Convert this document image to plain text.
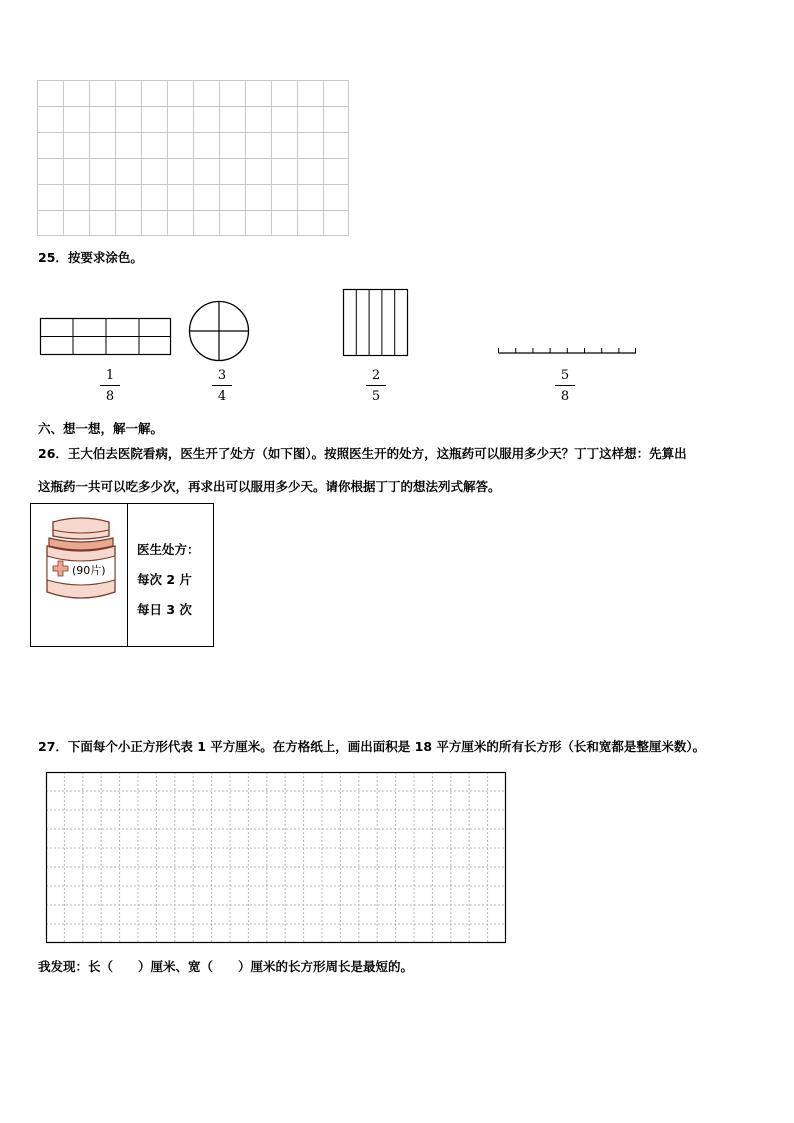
25．按要求涂色。
1
8
3
4
2
5
5
8
六、想一想，解一解。
26．王大伯去医院看病，医生开了处方（如下图）。按照医生开的处方，这瓶药可以服用多少天？丁丁这样想：先算出
这瓶药一共可以吃多少次，再求出可以服用多少天。请你根据丁丁的想法列式解答。
(90片)
医生处方：
每次 2 片
每日 3 次
27．下面每个小正方形代表 1 平方厘米。在方格纸上，画出面积是 18 平方厘米的所有长方形（长和宽都是整厘米数）。
我发现：长（　　）厘米、宽（　　）厘米的长方形周长是最短的。
